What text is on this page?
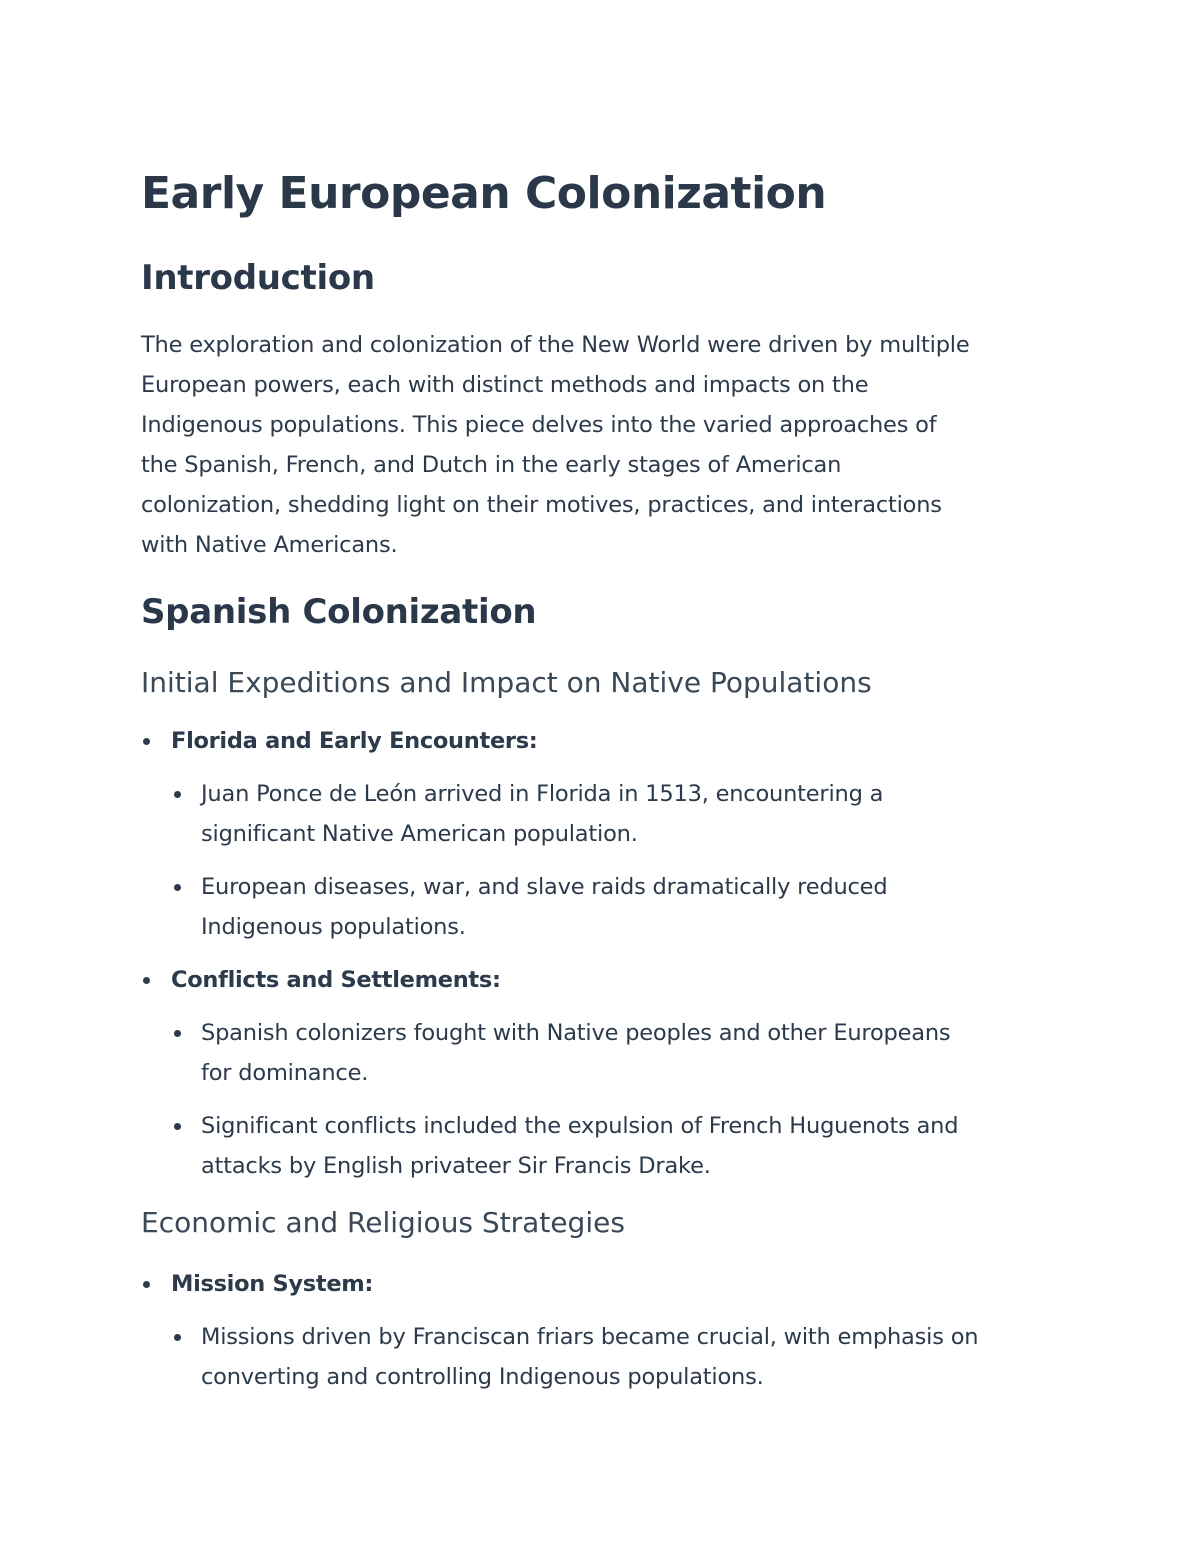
Early European Colonization
Introduction

The exploration and colonization of the New World were driven by multiple
European powers, each with distinct methods and impacts on the
Indigenous populations. This piece delves into the varied approaches of
the Spanish, French, and Dutch in the early stages of American
colonization, shedding light on their motives, practices, and interactions
with Native Americans.

Spanish Colonization
Initial Expeditions and Impact on Native Populations
Florida and Early Encounters:
Juan Ponce de León arrived in Florida in 1513, encountering a
significant Native American population.
European diseases, war, and slave raids dramatically reduced
Indigenous populations.
Conflicts and Settlements:
Spanish colonizers fought with Native peoples and other Europeans
for dominance.
Significant conflicts included the expulsion of French Huguenots and
attacks by English privateer Sir Francis Drake.
Economic and Religious Strategies
Mission System:
Missions driven by Franciscan friars became crucial, with emphasis on
converting and controlling Indigenous populations.
